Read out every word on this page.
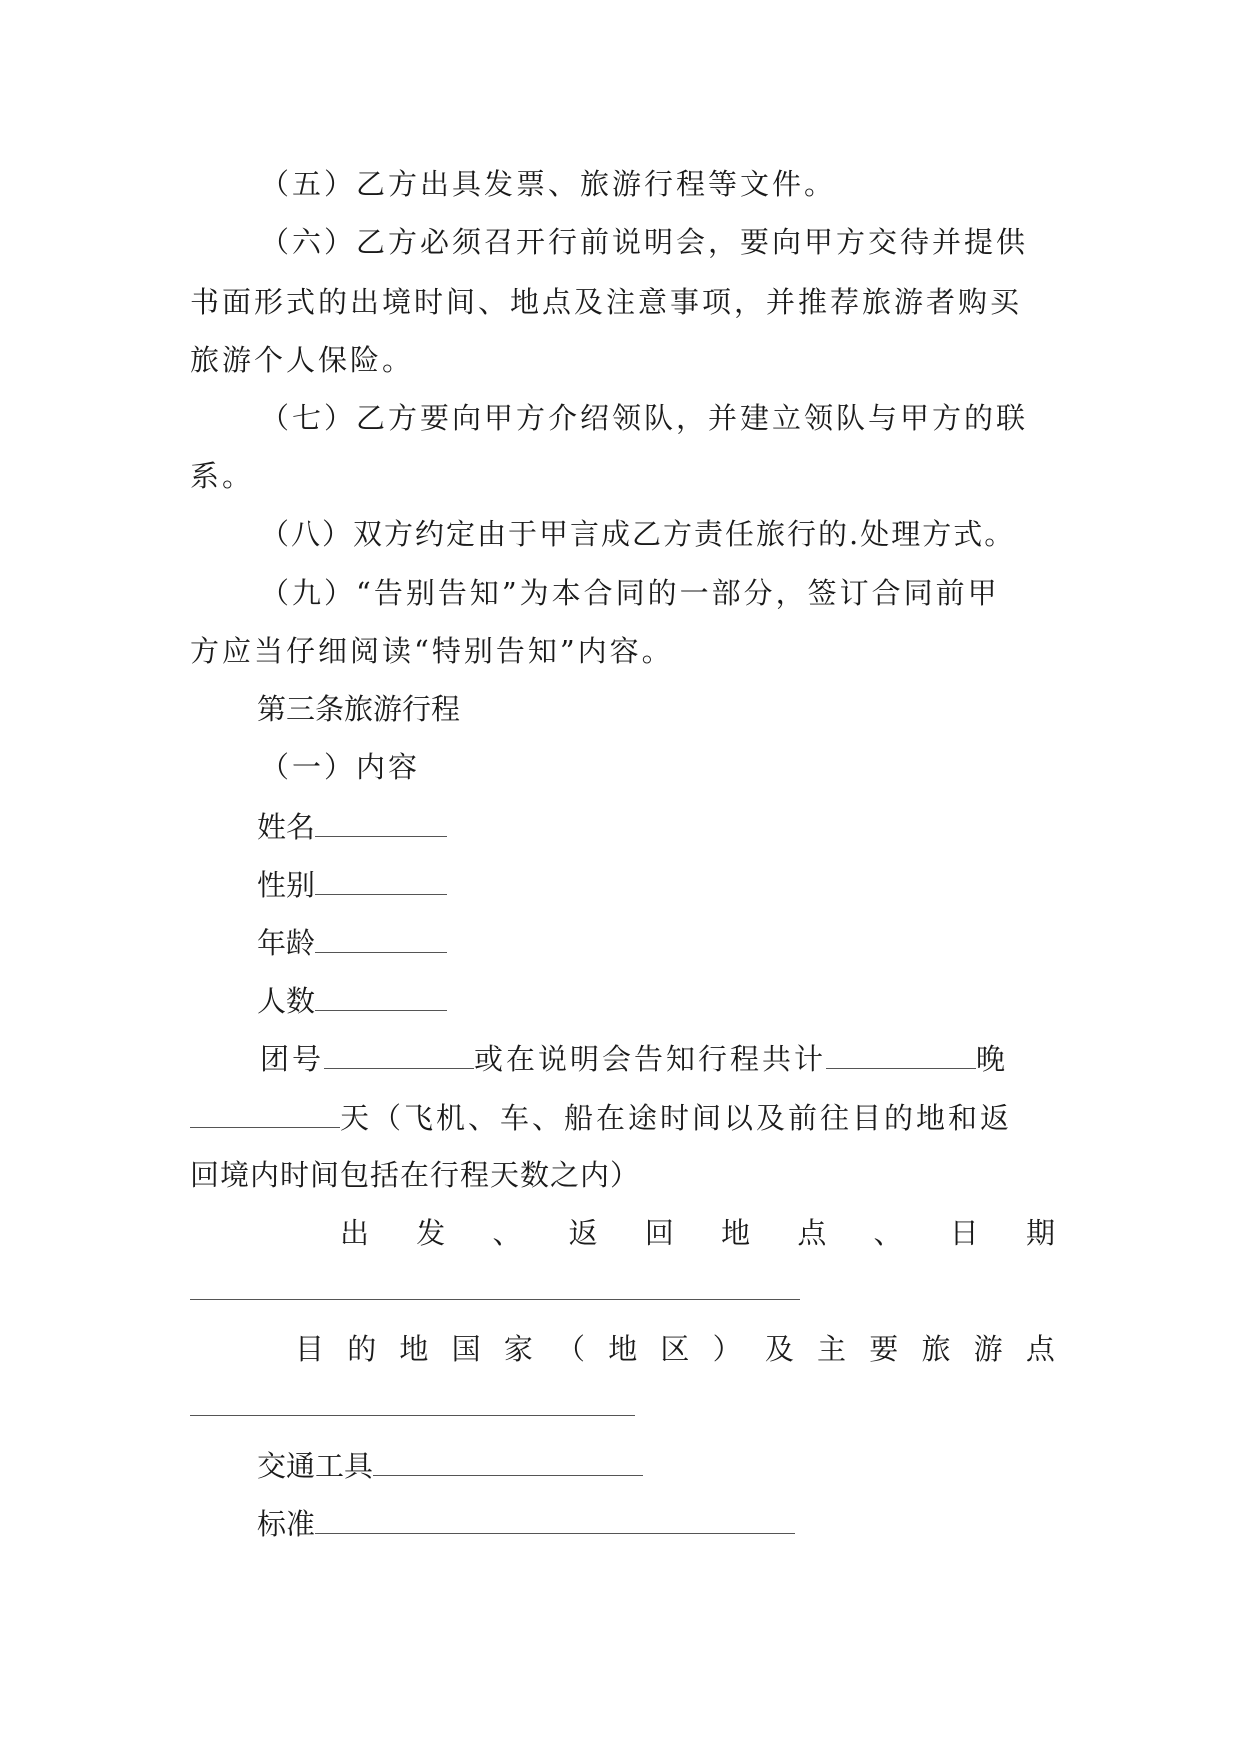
（五）乙方出具发票、旅游行程等文件。
（六）乙方必须召开行前说明会，要向甲方交待并提供
书面形式的出境时间、地点及注意事项，并推荐旅游者购买
旅游个人保险。
（七）乙方要向甲方介绍领队，并建立领队与甲方的联
系。
（八）双方约定由于甲言成乙方责任旅行的.处理方式。
（九）“告别告知”为本合同的一部分，签订合同前甲
方应当仔细阅读“特别告知”内容。
第三条旅游行程
（一）内容
姓名
性别
年龄
人数
团号	或在说明会告知行程共计	晚
天（飞机、车、船在途时间以及前往目的地和返
回境内时间包括在行程天数之内）
出 发 、 返 回 地 点 、 日 期
目 的 地 国 家 （ 地 区 ） 及 主 要 旅 游 点
交通工具
标准
